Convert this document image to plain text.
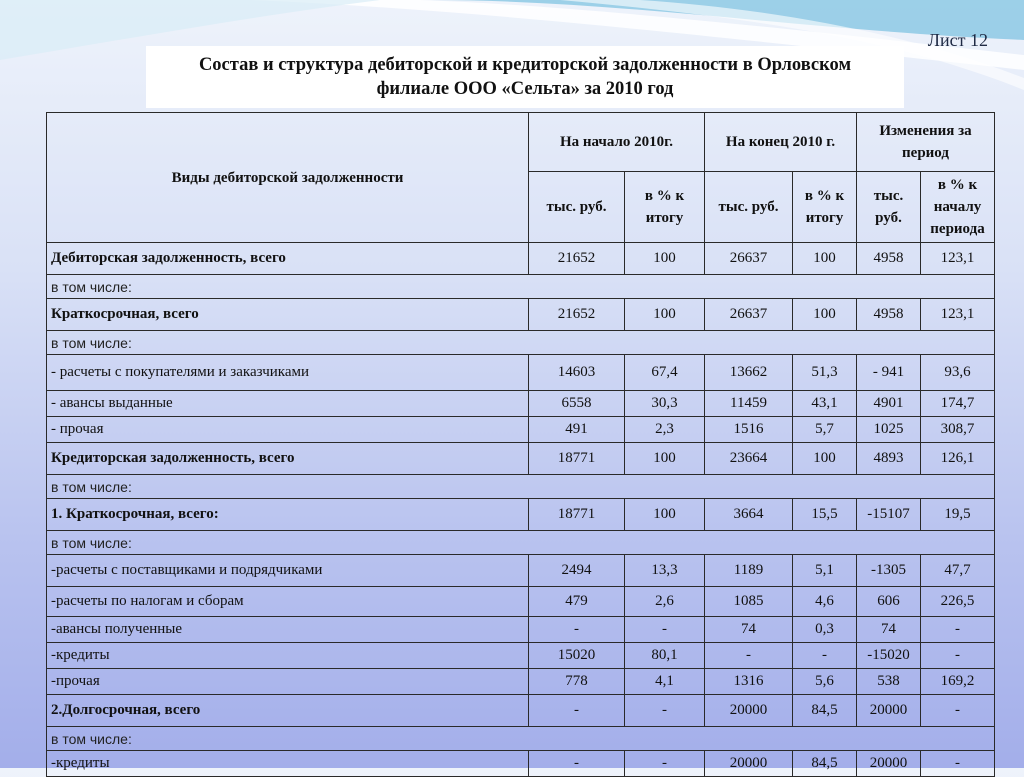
Лист 12
Состав и структура дебиторской и кредиторской задолженности в Орловском
филиале ООО «Сельта» за 2010 год
Виды дебиторской задолженности	На начало 2010г.		На конец 2010 г.		Изменения за период	
	тыс. руб.	в % к итогу	тыс. руб.	в % к итогу	тыс. руб.	в % к началу периода
Дебиторская задолженность, всего	21652	100	26637	100	4958	123,1
в том числе:						
Краткосрочная, всего	21652	100	26637	100	4958	123,1
в том числе:						
- расчеты с покупателями и заказчиками	14603	67,4	13662	51,3	- 941	93,6
- авансы выданные	6558	30,3	11459	43,1	4901	174,7
- прочая	491	2,3	1516	5,7	1025	308,7
Кредиторская задолженность, всего	18771	100	23664	100	4893	126,1
в том числе:						
1. Краткосрочная, всего:	18771	100	3664	15,5	-15107	19,5
в том числе:						
-расчеты с поставщиками и подрядчиками	2494	13,3	1189	5,1	-1305	47,7
-расчеты по налогам и сборам	479	2,6	1085	4,6	606	226,5
-авансы полученные	-	-	74	0,3	74	-
-кредиты	15020	80,1	-	-	-15020	-
-прочая	778	4,1	1316	5,6	538	169,2
2.Долгосрочная, всего	-	-	20000	84,5	20000	-
в том числе:						
-кредиты	-	-	20000	84,5	20000	-
